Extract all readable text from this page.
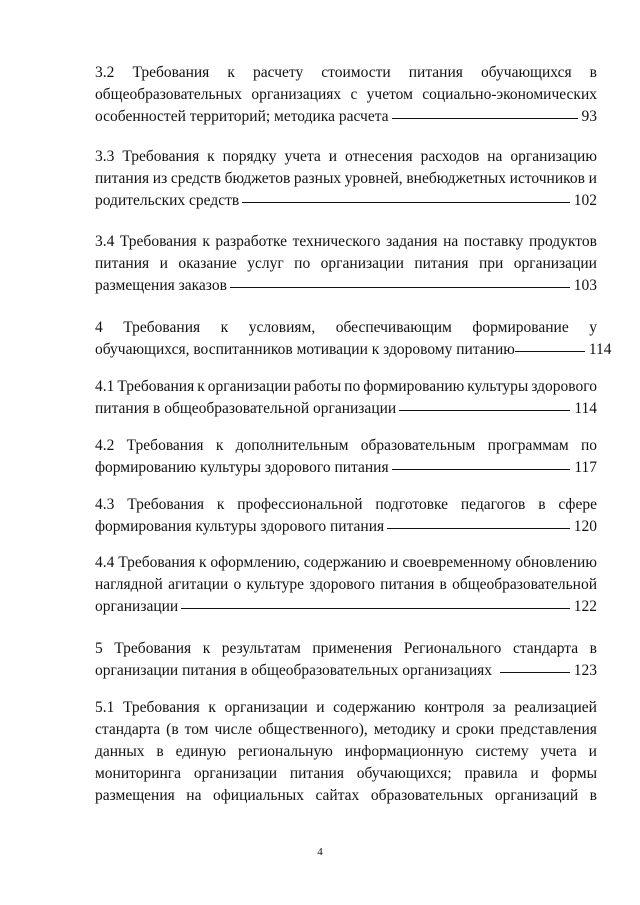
3.2 Требования к расчету стоимости питания обучающихся в
общеобразовательных организациях с учетом социально-экономических
особенностей территорий; методика расчета	93
3.3 Требования к порядку учета и отнесения расходов на организацию
питания из средств бюджетов разных уровней, внебюджетных источников и
родительских средств	102
3.4 Требования к разработке технического задания на поставку продуктов
питания и оказание услуг по организации питания при организации
размещения заказов	103
4 Требования к условиям, обеспечивающим формирование у
обучающихся, воспитанников мотивации к здоровому питанию	114
4.1 Требования к организации работы по формированию культуры здорового
питания в общеобразовательной организации	114
4.2 Требования к дополнительным образовательным программам по
формированию культуры здорового питания	117
4.3 Требования к профессиональной подготовке педагогов в сфере
формирования культуры здорового питания	120
4.4 Требования к оформлению, содержанию и своевременному обновлению
наглядной агитации о культуре здорового питания в общеобразовательной
организации	122
5 Требования к результатам применения Регионального стандарта в
организации питания в общеобразовательных организациях	123
5.1 Требования к организации и содержанию контроля за реализацией
стандарта (в том числе общественного), методику и сроки представления
данных в единую региональную информационную систему учета и
мониторинга организации питания обучающихся; правила и формы
размещения на официальных сайтах образовательных организаций в
4
